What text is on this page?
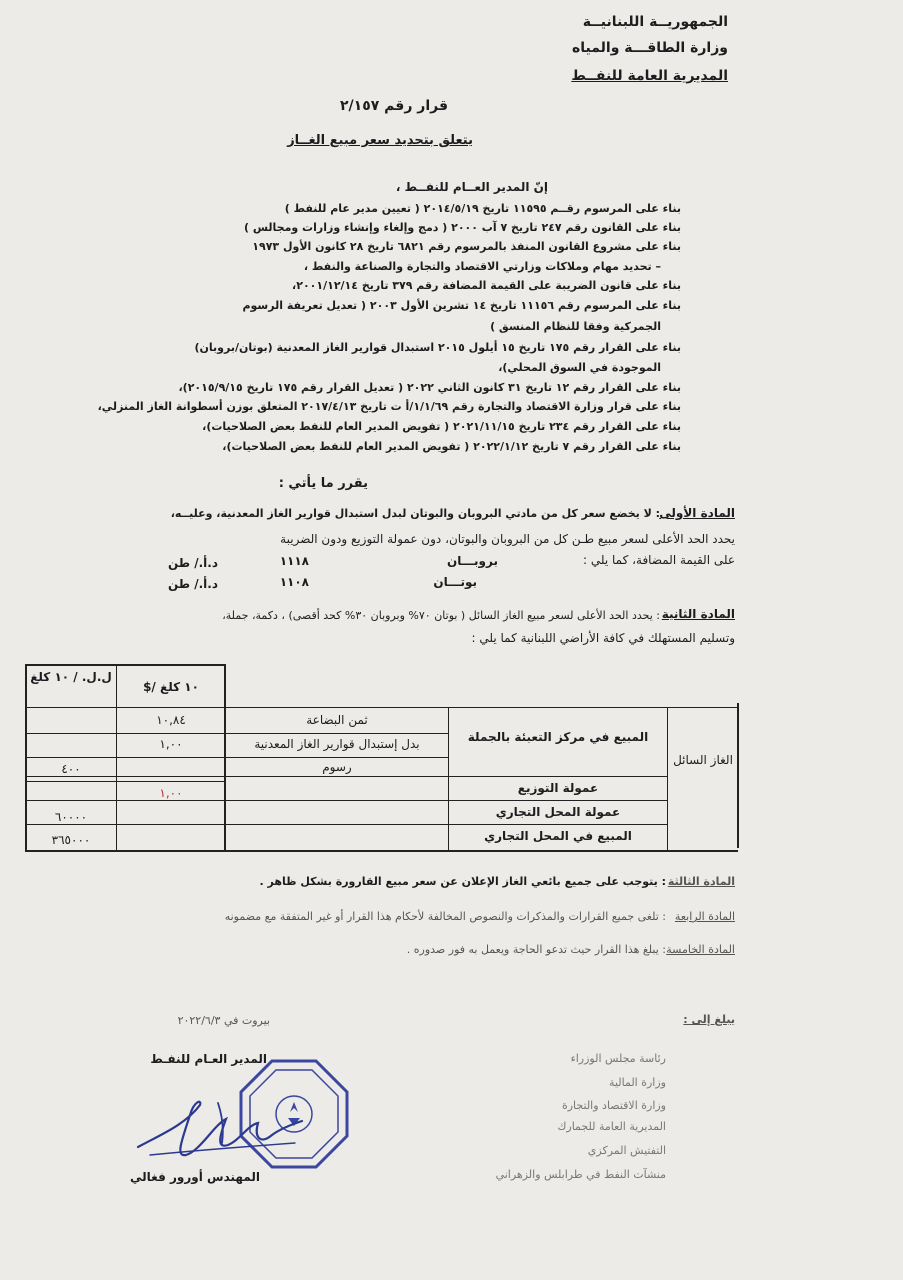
الجمهوريــة اللبنانيــة
وزارة الطاقـــة والمياه
المديرية العامة للنفــط
قرار رقم ٢/١٥٧
يتعلق بتحديد سعر مبيع الغــاز
إنّ المدير العــام للنفــط ،
بناء على المرسوم رقــم ١١٥٩٥ تاريخ ٢٠١٤/٥/١٩ ( تعيين مدير عام للنفط )
بناء على القانون رقم ٢٤٧ تاريخ ٧ آب ٢٠٠٠ ( دمج وإلغاء وإنشاء وزارات ومجالس )
بناء على مشروع القانون المنفذ بالمرسوم رقم ٦٨٢١ تاريخ ٢٨ كانون الأول ١٩٧٣
– تحديد مهام وملاكات وزارتي الاقتصاد والتجارة والصناعة والنفط ،
بناء على قانون الضريبة على القيمة المضافة رقم ٣٧٩ تاريخ ٢٠٠١/١٢/١٤،
بناء على المرسوم رقم ١١١٥٦ تاريخ ١٤ تشرين الأول ٢٠٠٣ ( تعديل تعريفة الرسوم
الجمركية وفقا للنظام المنسق )
بناء على القرار رقم ١٧٥ تاريخ ١٥ أيلول ٢٠١٥ استبدال قوارير الغاز المعدنية (بوتان/بروبان)
الموجودة في السوق المحلي)،
بناء على القرار رقم ١٢ تاريخ ٣١ كانون الثاني ٢٠٢٢ ( تعديل القرار رقم ١٧٥ تاريخ ٢٠١٥/٩/١٥)،
بناء على قرار وزارة الاقتصاد والتجارة رقم ١/١/٦٩/أ ت تاريخ ٢٠١٧/٤/١٣ المتعلق بوزن أسطوانة الغاز المنزلي،
بناء على القرار رقم ٢٣٤ تاريخ ٢٠٢١/١١/١٥ ( تفويض المدير العام للنفط بعض الصلاحيات)،
بناء على القرار رقم ٧ تاريخ ٢٠٢٢/١/١٢ ( تفويض المدير العام للنفط بعض الصلاحيات)،
يقرر ما يأتي :
المادة الأولى
: لا يخضع سعر كل من مادتي البروبان والبوتان لبدل استبدال قوارير الغاز المعدنية، وعليــه،
يحدد الحد الأعلى لسعر مبيع طـن كل من البروبان والبوتان، دون عمولة التوزيع ودون الضريبة
على القيمة المضافة، كما يلي :
بروبـــان
١١١٨
د.أ./ طن
بوتـــان
١١٠٨
د.أ./ طن
المادة الثانية
: يحدد الحد الأعلى لسعر مبيع الغاز السائل ( بوتان ٧٠% وبروبان ٣٠% كحد أقصى) ، دكمة، جملة،
وتسليم المستهلك في كافة الأراضي اللبنانية كما يلي :
ل.ل. / ١٠ كلغ
$/ ١٠ كلغ
الغاز السائل
المبيع في مركز التعبئة بالجملة
ثمن البضاعة
١٠,٨٤
بدل إستبدال قوارير الغاز المعدنية
١,٠٠
رسوم
٤٠٠
عمولة التوزيع
١,٠٠
عمولة المحل التجاري
٦٠٠٠٠
المبيع في المحل التجاري
٣٦٥٠٠٠
المادة الثالثة
: يتوجب على جميع بائعي الغاز الإعلان عن سعر مبيع القارورة بشكل ظاهر .
المادة الرابعة
: تلغى جميع القرارات والمذكرات والنصوص المخالفة لأحكام هذا القرار أو غير المتفقة مع مضمونه
المادة الخامسة
: يبلغ هذا القرار حيث تدعو الحاجة ويعمل به فور صدوره .
بيروت في ٢٠٢٢/٦/٣	يبلغ إلى :
رئاسة مجلس الوزراء
وزارة المالية
وزارة الاقتصاد والتجارة
المديرية العامة للجمارك
التفتيش المركزي
منشآت النفط في طرابلس والزهراني
المدير العـام للنفـط
المهندس أورور فغالي
